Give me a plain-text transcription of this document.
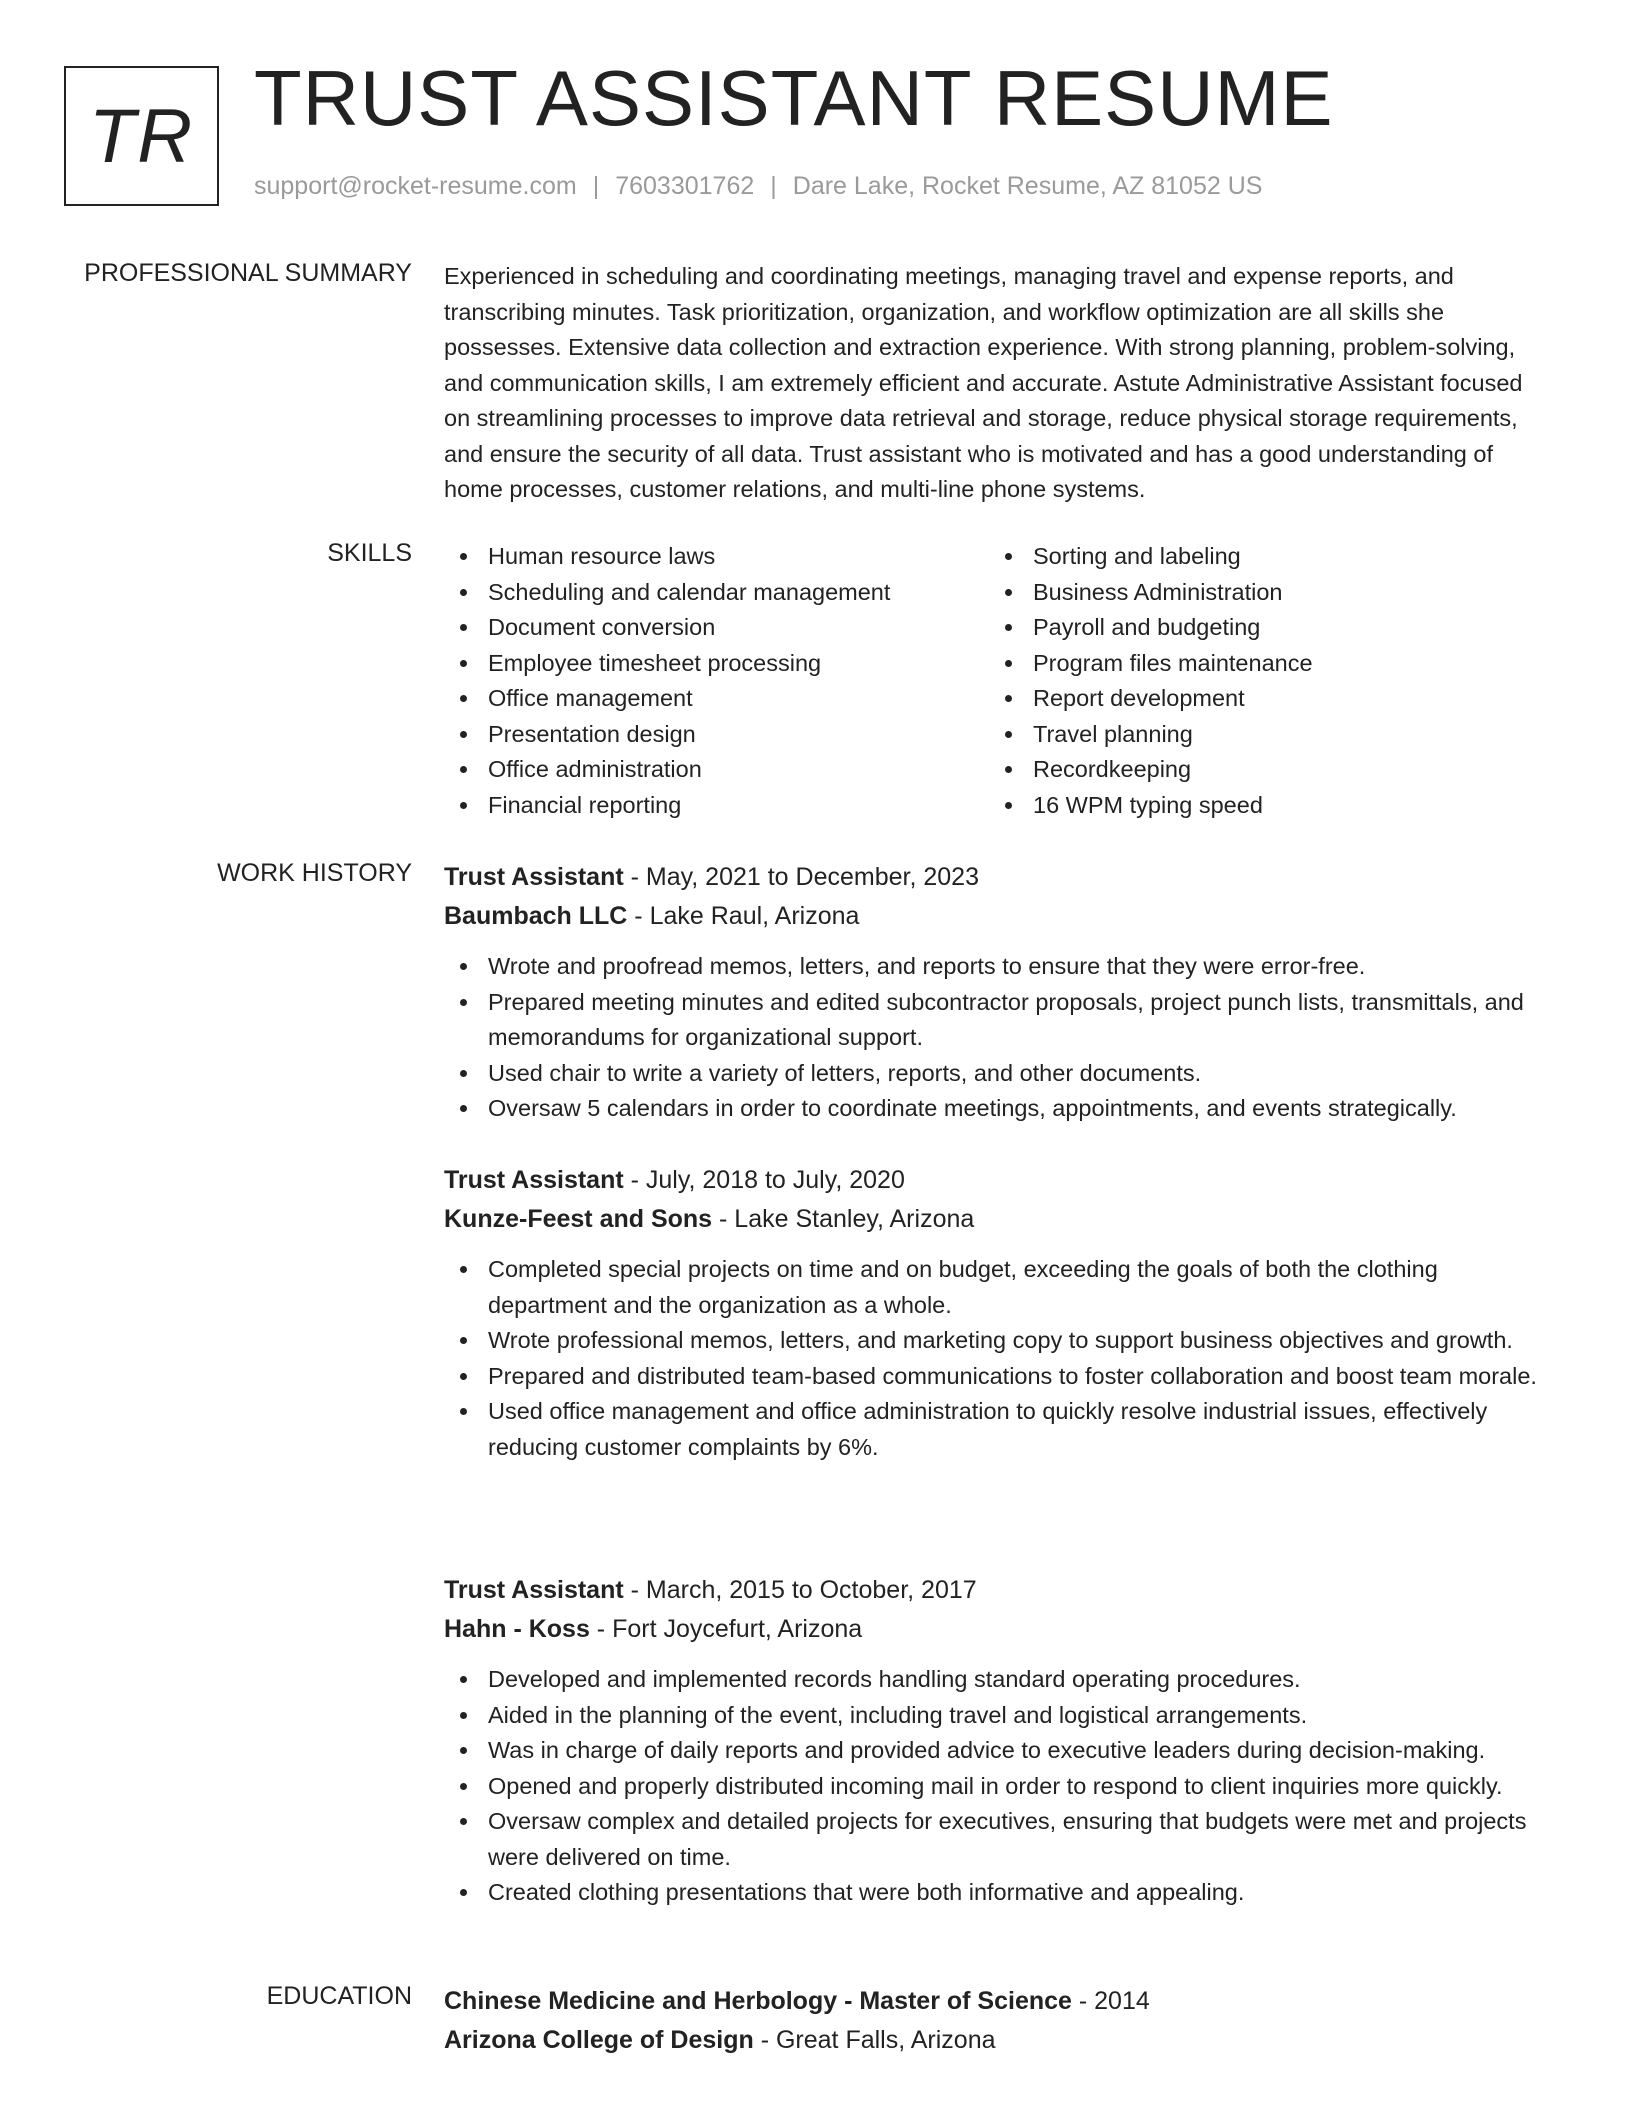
TR TRUST ASSISTANT RESUME
support@rocket-resume.com | 7603301762 | Dare Lake, Rocket Resume, AZ 81052 US
PROFESSIONAL SUMMARY Experienced in scheduling and coordinating meetings, managing travel and expense reports, and transcribing minutes. Task prioritization, organization, and workflow optimization are all skills she possesses. Extensive data collection and extraction experience. With strong planning, problem-solving, and communication skills, I am extremely efficient and accurate. Astute Administrative Assistant focused on streamlining processes to improve data retrieval and storage, reduce physical storage requirements, and ensure the security of all data. Trust assistant who is motivated and has a good understanding of home processes, customer relations, and multi-line phone systems.

SKILLS	Human resource laws
Scheduling and calendar management
Document conversion
Employee timesheet processing
Office management
Presentation design
Office administration
Financial reporting
Sorting and labeling
Business Administration
Payroll and budgeting
Program files maintenance
Report development
Travel planning
Recordkeeping
16 WPM typing speed
WORK HISTORY Trust Assistant - May, 2021 to December, 2023
Baumbach LLC - Lake Raul, Arizona
Wrote and proofread memos, letters, and reports to ensure that they were error-free.
Prepared meeting minutes and edited subcontractor proposals, project punch lists, transmittals, and memorandums for organizational support.
Used chair to write a variety of letters, reports, and other documents.
Oversaw 5 calendars in order to coordinate meetings, appointments, and events strategically.
Trust Assistant - July, 2018 to July, 2020
Kunze-Feest and Sons - Lake Stanley, Arizona
Completed special projects on time and on budget, exceeding the goals of both the clothing department and the organization as a whole.
Wrote professional memos, letters, and marketing copy to support business objectives and growth.
Prepared and distributed team-based communications to foster collaboration and boost team morale.
Used office management and office administration to quickly resolve industrial issues, effectively reducing customer complaints by 6%.
Trust Assistant - March, 2015 to October, 2017
Hahn - Koss - Fort Joycefurt, Arizona
Developed and implemented records handling standard operating procedures.
Aided in the planning of the event, including travel and logistical arrangements.
Was in charge of daily reports and provided advice to executive leaders during decision-making.
Opened and properly distributed incoming mail in order to respond to client inquiries more quickly.
Oversaw complex and detailed projects for executives, ensuring that budgets were met and projects were delivered on time.
Created clothing presentations that were both informative and appealing.
EDUCATION Chinese Medicine and Herbology - Master of Science - 2014
Arizona College of Design - Great Falls, Arizona
